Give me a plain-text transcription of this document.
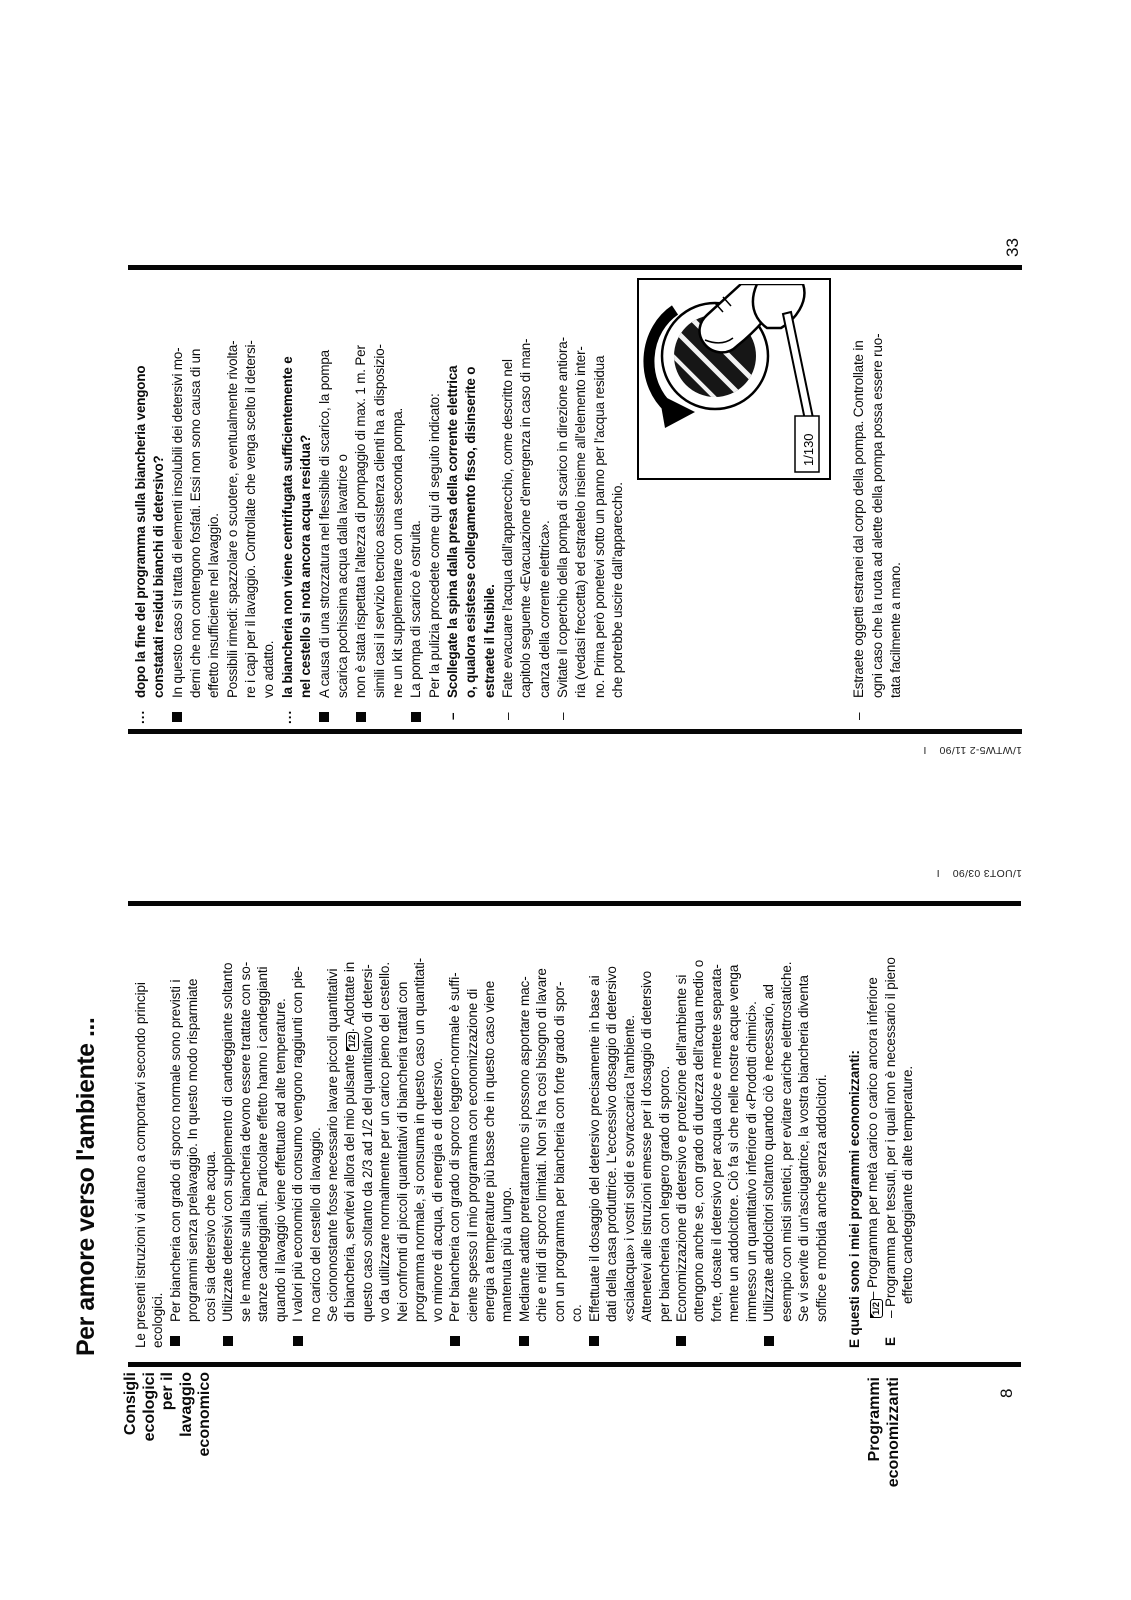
Consigli ecologici per il lavaggio economico	Programmi economizzanti
Per amore verso l'ambiente ... Le presenti istruzioni vi aiutano a comportarvi secondo principi ecologici. Per biancheria con grado di sporco normale sono previsti i programmi senza prelavaggio. In questo modo risparmiate così sia detersivo che acqua. Utilizzate detersivi con supplemento di candeggiante soltanto se le macchie sulla biancheria devono essere trattate con so- stanze candeggianti. Particolare effetto hanno i candeggianti quando il lavaggio viene effettuato ad alte temperature. I valori più economici di consumo vengono raggiunti con pie- no carico del cestello di lavaggio. Se ciononostante fosse necessario lavare piccoli quantitativi di biancheria, servitevi allora del mio pulsante 1/2. Adottate in questo caso soltanto da 2/3 ad 1/2 del quantitativo di detersi- vo da utilizzare normalmente per un carico pieno del cestello. Nei confronti di piccoli quantitativi di biancheria trattati con programma normale, si consuma in questo caso un quantitati- vo minore di acqua, di energia e di detersivo. Per biancheria con grado di sporco leggero-normale è suffi- ciente spesso il mio programma con economizzazione di energia a temperature più basse che in questo caso viene mantenuta più a lungo. Mediante adatto pretrattamento si possono asportare mac- chie e nidi di sporco limitati. Non si ha così bisogno di lavare con un programma per biancheria con forte grado di spor- co. Effettuate il dosaggio del detersivo precisamente in base ai dati della casa produttrice. L'eccessivo dosaggio di detersivo «scialacqua» i vostri soldi e sovraccarica l'ambiente. Attenetevi alle istruzioni emesse per il dosaggio di detersivo per biancheria con leggero grado di sporco. Economizzazione di detersivo e protezione dell'ambiente si ottengono anche se, con grado di durezza dell'acqua medio o forte, dosate il detersivo per acqua dolce e mettete separata- mente un addolcitore. Ciò fa sì che nelle nostre acque venga immesso un quantitativo inferiore di «Prodotti chimici». Utilizzate addolcitori soltanto quando ciò è necessario, ad esempio con misti sintetici, per evitare cariche elettrostatiche. Se vi servite di un'asciugatrice, la vostra biancheria diventa soffice e morbida anche senza addolcitori. E questi sono i miei programmi economizzanti: 1/2– Programma per metà carico o carico ancora inferiore
E
– Programma per tessuti, per i quali non è necessario il pieno effetto candeggiante di alte temperature.
8
...
dopo la fine del programma sulla biancheria vengono constatati residui bianchi di detersivo? In questo caso si tratta di elementi insolubili dei detersivi mo- derni che non contengono fosfati. Essi non sono causa di un effetto insufficiente nel lavaggio. Possibili rimedi: spazzolare o scuotere, eventualmente rivolta- re i capi per il lavaggio. Controllate che venga scelto il detersi- vo adatto.
...
la biancheria non viene centrifugata sufficientemente e nel cestello si nota ancora acqua residua? A causa di una strozzatura nel flessibile di scarico, la pompa scarica pochissima acqua dalla lavatrice o non è stata rispettata l'altezza di pompaggio di max. 1 m. Per simili casi il servizio tecnico assistenza clienti ha a disposizio- ne un kit supplementare con una seconda pompa. La pompa di scarico è ostruita. Per la pulizia procedete come qui di seguito indicato:
–
Scollegate la spina dalla presa della corrente elettrica o, qualora esistesse collegamento fisso, disinserite o estraete il fusibile.
–
Fate evacuare l'acqua dall'apparecchio, come descritto nel capitolo seguente «Evacuazione d'emergenza in caso di man- canza della corrente elettrica».
–
Svitate il coperchio della pompa di scarico in direzione antiora- ria (vedasi freccetta) ed estraetelo insieme all'elemento inter- no. Prima però ponetevi sotto un panno per l'acqua residua che potrebbe uscire dall'apparecchio.
–
Estraete oggetti estranei dal corpo della pompa. Controllate in ogni caso che la ruota ad alette della pompa possa essere ruo- tata facilmente a mano.
1/130
33
1/WTW5-2 11/90    I
1/UOT3 03/90    I
